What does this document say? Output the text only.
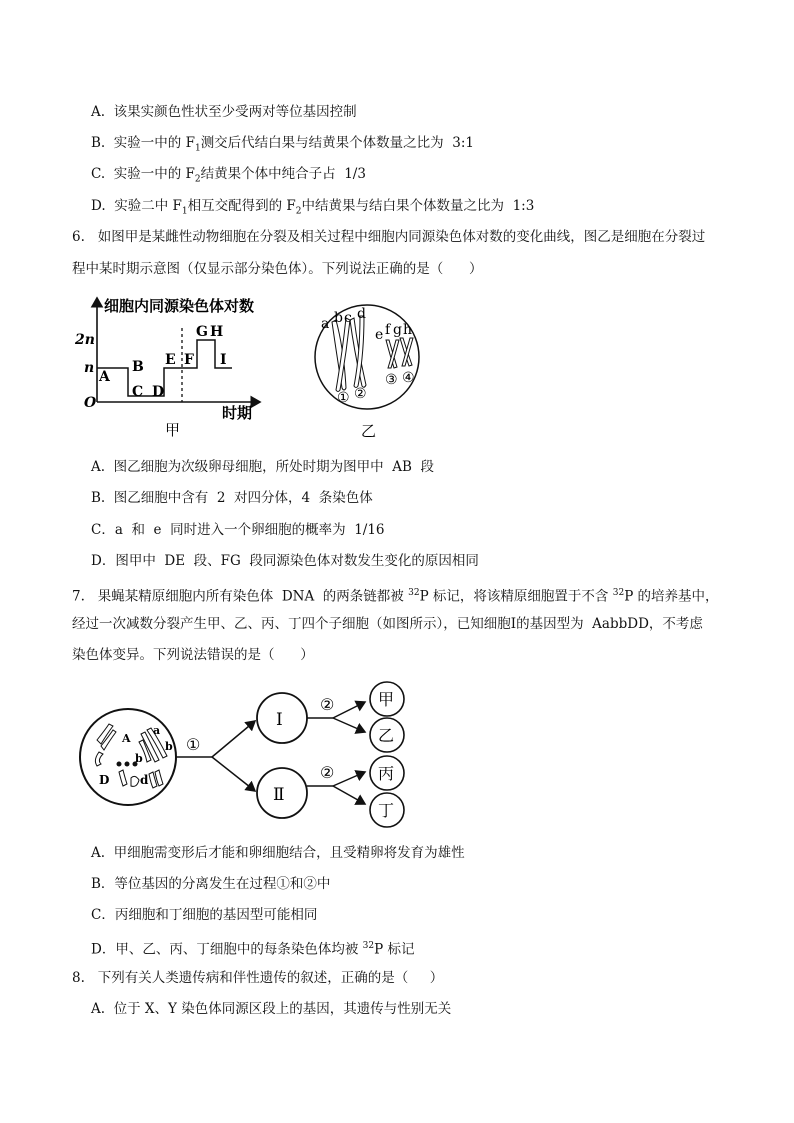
A.  该果实颜色性状至少受两对等位基因控制
B.  实验一中的 $F_1$测交后代结白果与结黄果个体数量之比为  3:1
C.  实验一中的 $F_2$结黄果个体中纯合子占  1/3
D.  实验二中 $F_1$相互交配得到的 $F_2$中结黄果与结白果个体数量之比为  1:3
6.   如图甲是某雌性动物细胞在分裂及相关过程中细胞内同源染色体对数的变化曲线，图乙是细胞在分裂过
程中某时期示意图（仅显示部分染色体）。下列说法正确的是（      ）
细胞内同源染色体对数
2n
n
O
时期
A
B
C D
E F
G H
I
甲
a b c d
e f g h
① ②
③ ④
乙
A.  图乙细胞为次级卵母细胞，所处时期为图甲中  AB  段
B.  图乙细胞中含有  2  对四分体，4  条染色体
C．a  和  e  同时进入一个卵细胞的概率为  1/16
D．图甲中  DE  段、FG  段同源染色体对数发生变化的原因相同
7.   果蝇某精原细胞内所有染色体  DNA  的两条链都被 $^{32}$P 标记，将该精原细胞置于不含 $^{32}$P 的培养基中，
经过一次减数分裂产生甲、乙、丙、丁四个子细胞（如图所示），已知细胞Ⅰ的基因型为  AabbDD，不考虑
染色体变异。下列说法错误的是（      ）
A
a
b
b
D	d
①
Ⅰ
Ⅱ
②
②
甲
乙
丙
丁
A.  甲细胞需变形后才能和卵细胞结合，且受精卵将发育为雄性
B．等位基因的分离发生在过程①和②中
C．丙细胞和丁细胞的基因型可能相同
D．甲、乙、丙、丁细胞中的每条染色体均被 $^{32}$P 标记
8.   下列有关人类遗传病和伴性遗传的叙述，正确的是（     ）
A.  位于 X、Y 染色体同源区段上的基因，其遗传与性别无关
